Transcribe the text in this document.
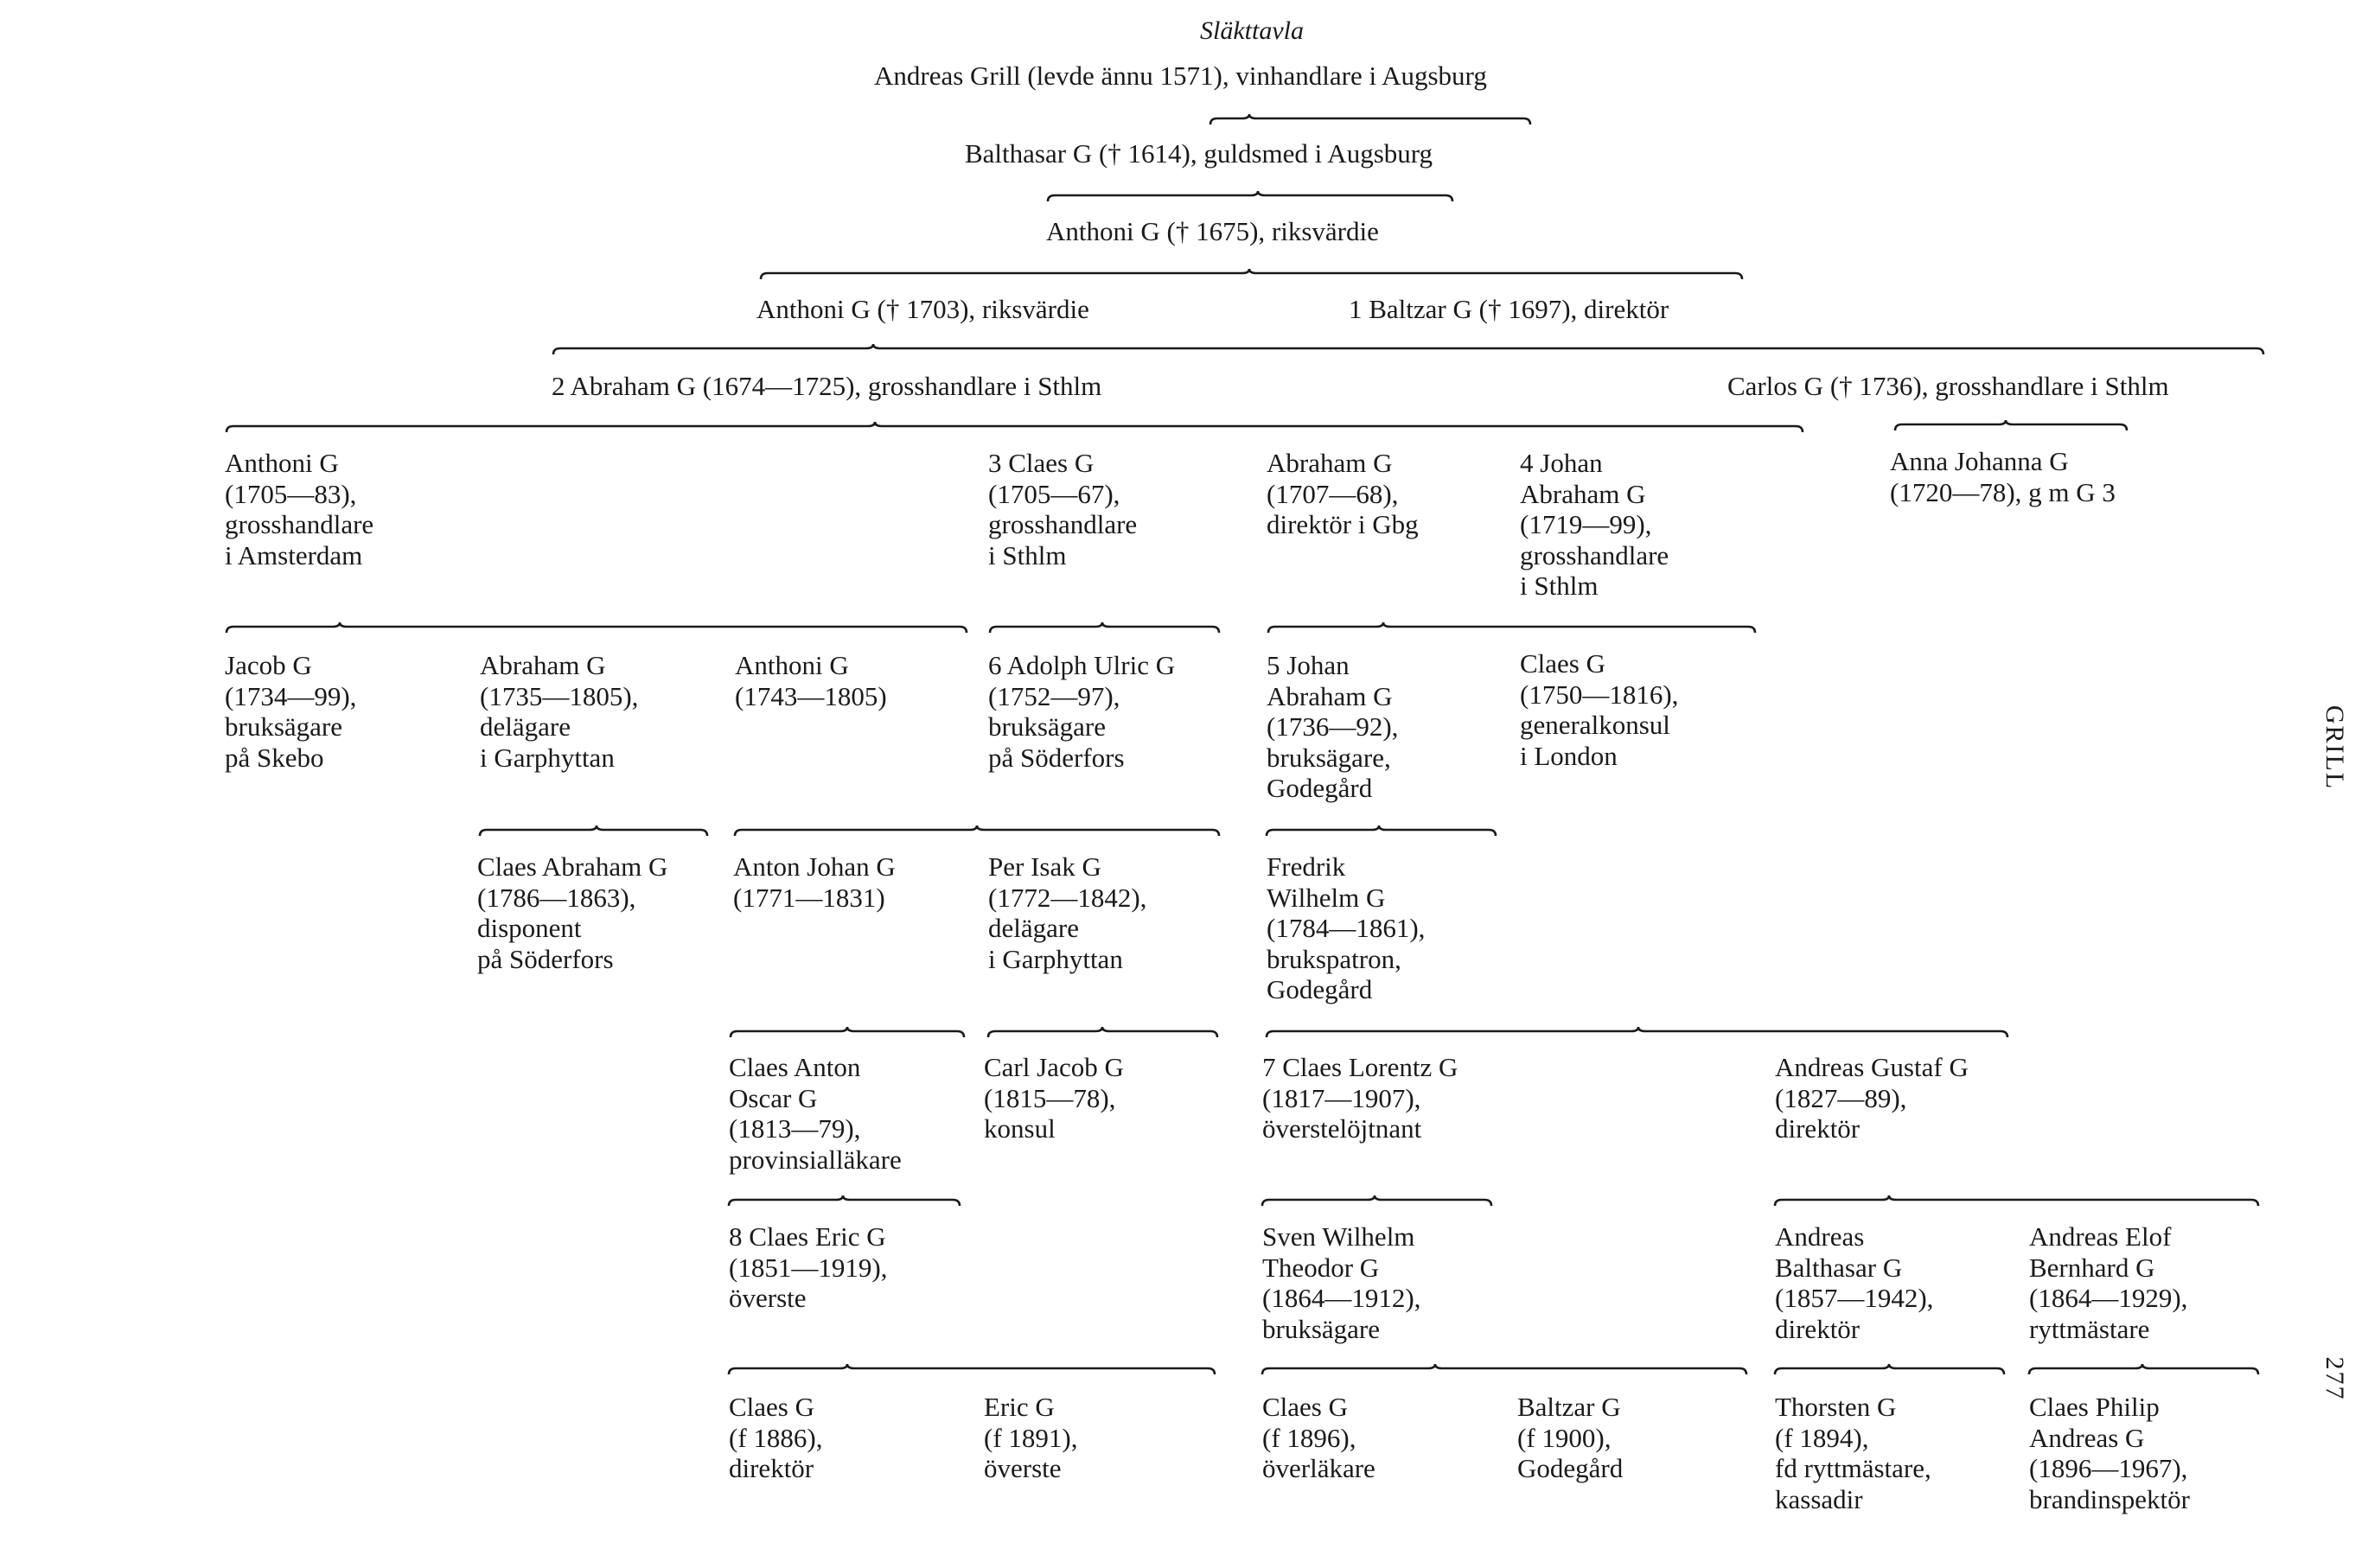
Släkttavla
GRILL
277
Andreas Grill (levde ännu 1571), vinhandlare i Augsburg
Balthasar G († 1614), guldsmed i Augsburg
Anthoni G († 1675), riksvärdie
Anthoni G († 1703), riksvärdie	1 Baltzar G († 1697), direktör
2 Abraham G (1674—1725), grosshandlare i Sthlm	Carlos G († 1736), grosshandlare i Sthlm
Anthoni G
(1705—83),
grosshandlare
i Amsterdam
3 Claes G
(1705—67),
grosshandlare
i Sthlm
Abraham G
(1707—68),
direktör i Gbg
4 Johan
Abraham G
(1719—99),
grosshandlare
i Sthlm
Anna Johanna G
(1720—78), g m G 3
Jacob G
(1734—99),
bruksägare
på Skebo
Abraham G
(1735—1805),
delägare
i Garphyttan
Anthoni G
(1743—1805)
6 Adolph Ulric G
(1752—97),
bruksägare
på Söderfors
5 Johan
Abraham G
(1736—92),
bruksägare,
Godegård
Claes G
(1750—1816),
generalkonsul
i London
Claes Abraham G
(1786—1863),
disponent
på Söderfors
Anton Johan G
(1771—1831)
Per Isak G
(1772—1842),
delägare
i Garphyttan
Fredrik
Wilhelm G
(1784—1861),
brukspatron,
Godegård
Claes Anton
Oscar G
(1813—79),
provinsialläkare
Carl Jacob G
(1815—78),
konsul
7 Claes Lorentz G
(1817—1907),
överstelöjtnant
Andreas Gustaf G
(1827—89),
direktör
8 Claes Eric G
(1851—1919),
överste
Sven Wilhelm
Theodor G
(1864—1912),
bruksägare
Andreas
Balthasar G
(1857—1942),
direktör
Andreas Elof
Bernhard G
(1864—1929),
ryttmästare
Claes G
(f 1886),
direktör
Eric G
(f 1891),
överste
Claes G
(f 1896),
överläkare
Baltzar G
(f 1900),
Godegård
Thorsten G
(f 1894),
fd ryttmästare,
kassadir
Claes Philip
Andreas G
(1896—1967),
brandinspektör
